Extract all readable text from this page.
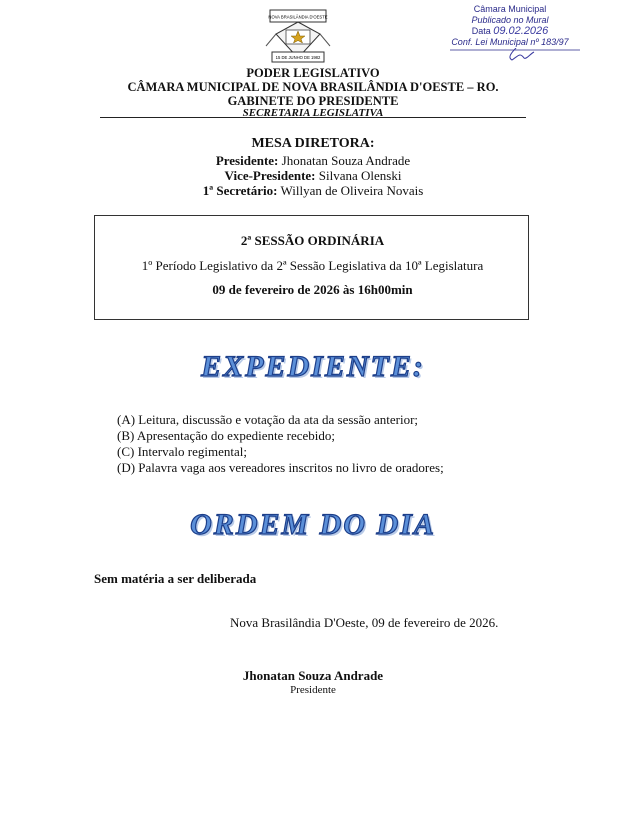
NOVA BRASILÂNDIA D'OESTE
15 DE JUNHO DE 1982
Câmara Municipal
Publicado no Mural
Data 09.02.2026
Conf. Lei Municipal nº 183/97
PODER LEGISLATIVO
CÂMARA MUNICIPAL DE NOVA BRASILÂNDIA D'OESTE – RO.
GABINETE DO PRESIDENTE
SECRETARIA LEGISLATIVA
MESA DIRETORA:
Presidente: Jhonatan Souza Andrade
Vice-Presidente: Silvana Olenski
1ª Secretário: Willyan de Oliveira Novais
2ª SESSÃO ORDINÁRIA
1º Período Legislativo da 2ª Sessão Legislativa da 10ª Legislatura
09 de fevereiro de 2026 às 16h00min
EXPEDIENTE:
(A) Leitura, discussão e votação da ata da sessão anterior;
(B) Apresentação do expediente recebido;
(C) Intervalo regimental;
(D) Palavra vaga aos vereadores inscritos no livro de oradores;
ORDEM DO DIA
Sem matéria a ser deliberada
Nova Brasilândia D'Oeste, 09 de fevereiro de 2026.
Jhonatan Souza Andrade
Presidente
